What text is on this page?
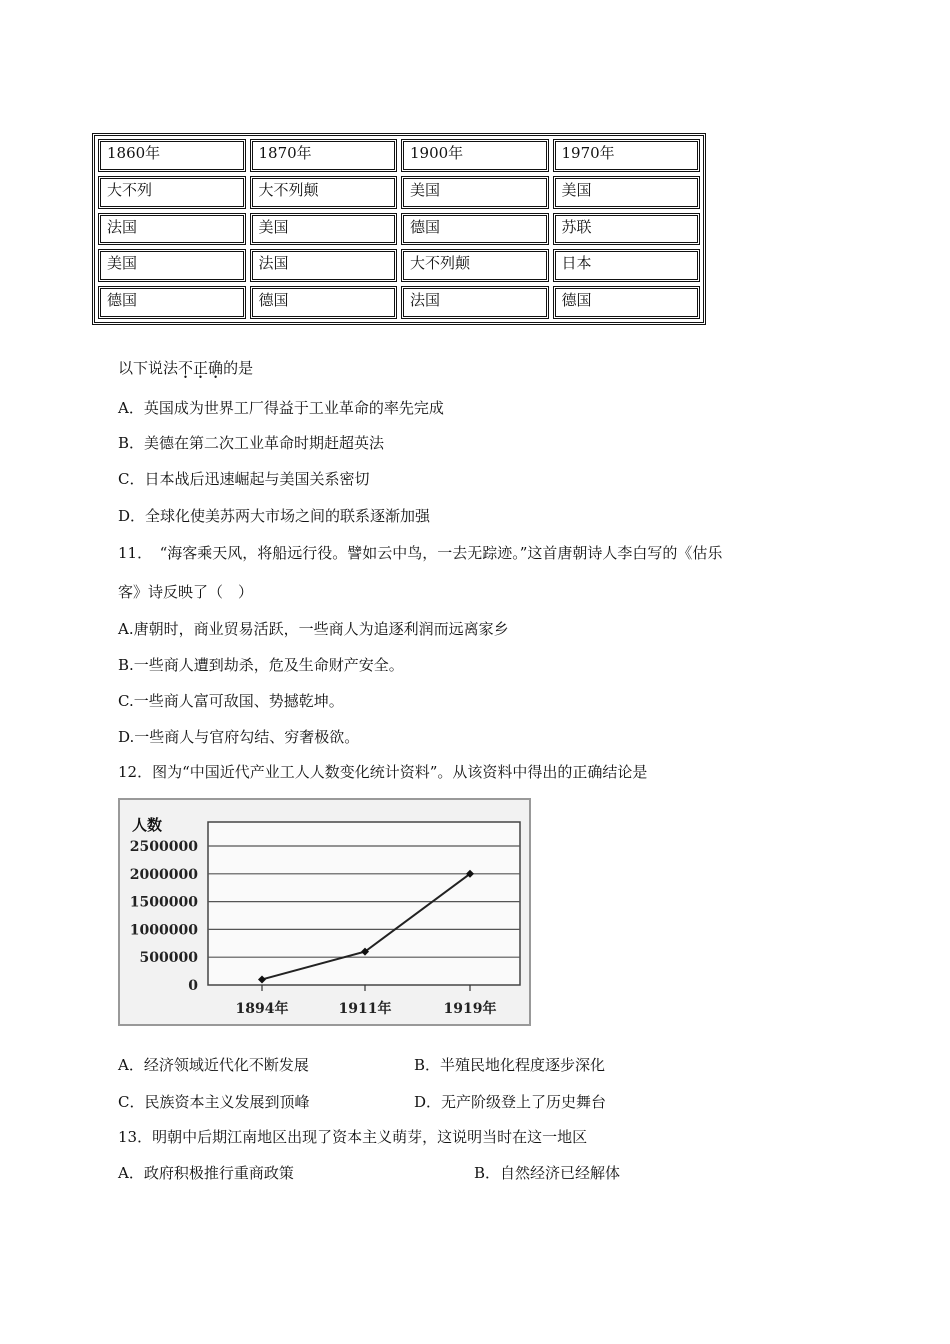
1860年	1870年	1900年	1970年
大不列	大不列颠	美国	美国
法国	美国	德国	苏联
美国	法国	大不列颠	日本
德国	德国	法国	德国
以下说法不正确的是
A．英国成为世界工厂得益于工业革命的率先完成
B．美德在第二次工业革命时期赶超英法
C．日本战后迅速崛起与美国关系密切
D．全球化使美苏两大市场之间的联系逐渐加强
11．　“海客乘天风，将船远行役。譬如云中鸟，一去无踪迹。”这首唐朝诗人李白写的《估乐
客》诗反映了（　）
A.唐朝时，商业贸易活跃，一些商人为追逐利润而远离家乡
B.一些商人遭到劫杀，危及生命财产安全。
C.一些商人富可敌国、势撼乾坤。
D.一些商人与官府勾结、穷奢极欲。
12．图为“中国近代产业工人人数变化统计资料”。从该资料中得出的正确结论是
2500000
2000000
1500000
1000000
500000
0
人数
1894年	1911年	1919年
A．经济领域近代化不断发展	B．半殖民地化程度逐步深化
C．民族资本主义发展到顶峰	D．无产阶级登上了历史舞台
13．明朝中后期江南地区出现了资本主义萌芽，这说明当时在这一地区
A．政府积极推行重商政策	B．自然经济已经解体
